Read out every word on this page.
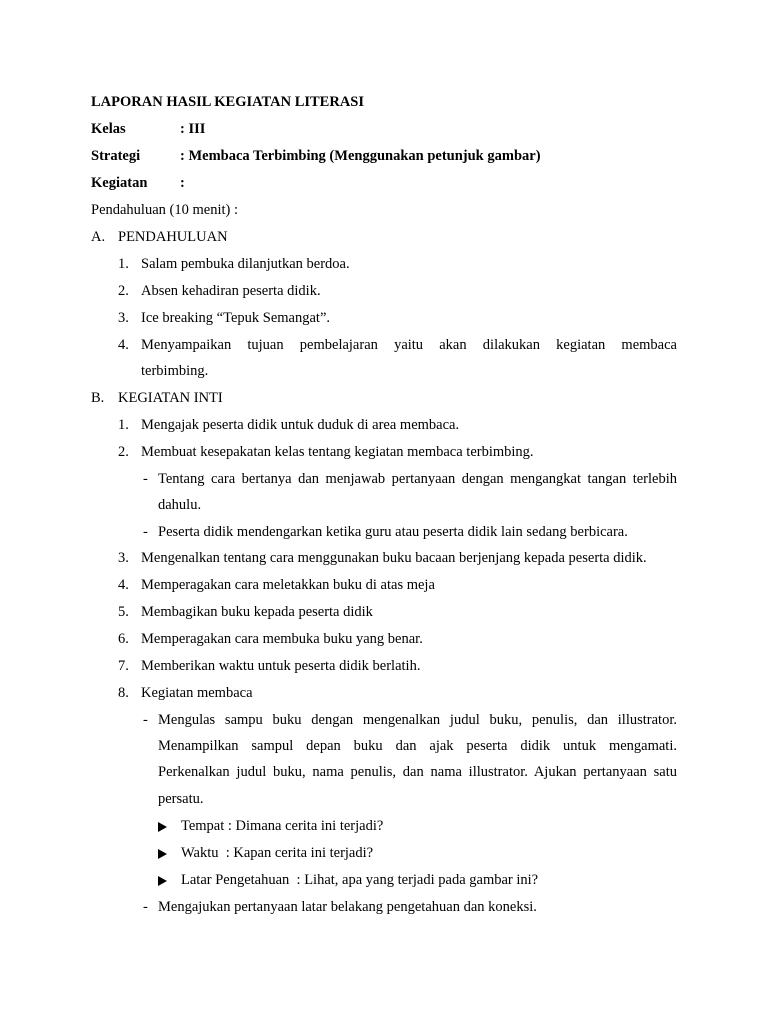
LAPORAN HASIL KEGIATAN LITERASI
Kelas	: III
Strategi	: Membaca Terbimbing (Menggunakan petunjuk gambar)
Kegiatan :
Pendahuluan (10 menit) :
A. PENDAHULUAN
1. Salam pembuka dilanjutkan berdoa.
2. Absen kehadiran peserta didik.
3. Ice breaking “Tepuk Semangat”.
4. Menyampaikan tujuan pembelajaran yaitu akan dilakukan kegiatan membaca
terbimbing.
B. KEGIATAN INTI
1. Mengajak peserta didik untuk duduk di area membaca.
2. Membuat kesepakatan kelas tentang kegiatan membaca terbimbing.
- Tentang cara bertanya dan menjawab pertanyaan dengan mengangkat tangan terlebih
dahulu.
- Peserta didik mendengarkan ketika guru atau peserta didik lain sedang berbicara.
3. Mengenalkan tentang cara menggunakan buku bacaan berjenjang kepada peserta didik.
4. Memperagakan cara meletakkan buku di atas meja
5. Membagikan buku kepada peserta didik
6. Memperagakan cara membuka buku yang benar.
7. Memberikan waktu untuk peserta didik berlatih.
8. Kegiatan membaca
- Mengulas sampu buku dengan mengenalkan judul buku, penulis, dan illustrator.
Menampilkan sampul depan buku dan ajak peserta didik untuk mengamati.
Perkenalkan judul buku, nama penulis, dan nama illustrator. Ajukan pertanyaan satu
persatu.
Tempat : Dimana cerita ini terjadi?
Waktu  : Kapan cerita ini terjadi?
Latar Pengetahuan  : Lihat, apa yang terjadi pada gambar ini?
- Mengajukan pertanyaan latar belakang pengetahuan dan koneksi.
